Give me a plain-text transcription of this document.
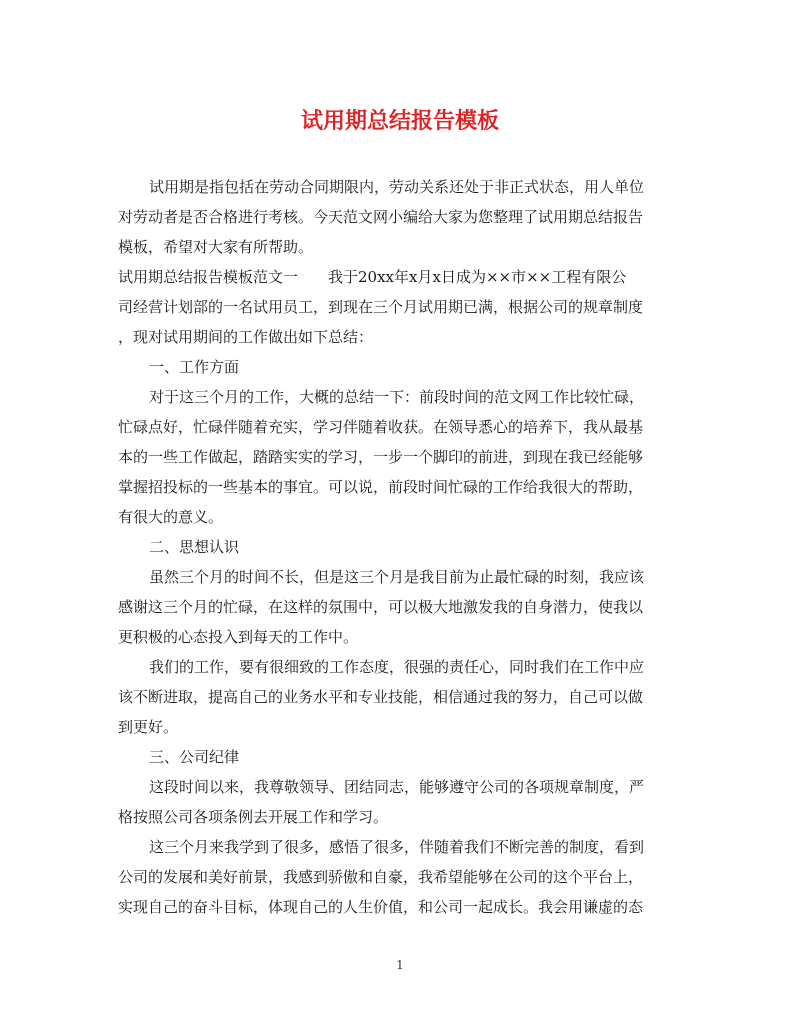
试用期总结报告模板
试用期是指包括在劳动合同期限内，劳动关系还处于非正式状态，用人单位
对劳动者是否合格进行考核。今天范文网小编给大家为您整理了试用期总结报告
模板，希望对大家有所帮助。
试用期总结报告模板范文一 我于20xx年x月x日成为××市××工程有限公
司经营计划部的一名试用员工，到现在三个月试用期已满，根据公司的规章制度
，现对试用期间的工作做出如下总结：
一、工作方面
对于这三个月的工作，大概的总结一下：前段时间的范文网工作比较忙碌，
忙碌点好，忙碌伴随着充实，学习伴随着收获。在领导悉心的培养下，我从最基
本的一些工作做起，踏踏实实的学习，一步一个脚印的前进，到现在我已经能够
掌握招投标的一些基本的事宜。可以说，前段时间忙碌的工作给我很大的帮助，
有很大的意义。
二、思想认识
虽然三个月的时间不长，但是这三个月是我目前为止最忙碌的时刻，我应该
感谢这三个月的忙碌，在这样的氛围中，可以极大地激发我的自身潜力，使我以
更积极的心态投入到每天的工作中。
我们的工作，要有很细致的工作态度，很强的责任心，同时我们在工作中应
该不断进取，提高自己的业务水平和专业技能，相信通过我的努力，自己可以做
到更好。
三、公司纪律
这段时间以来，我尊敬领导、团结同志，能够遵守公司的各项规章制度，严
格按照公司各项条例去开展工作和学习。
这三个月来我学到了很多，感悟了很多，伴随着我们不断完善的制度，看到
公司的发展和美好前景，我感到骄傲和自豪，我希望能够在公司的这个平台上，
实现自己的奋斗目标，体现自己的人生价值，和公司一起成长。我会用谦虚的态
1
